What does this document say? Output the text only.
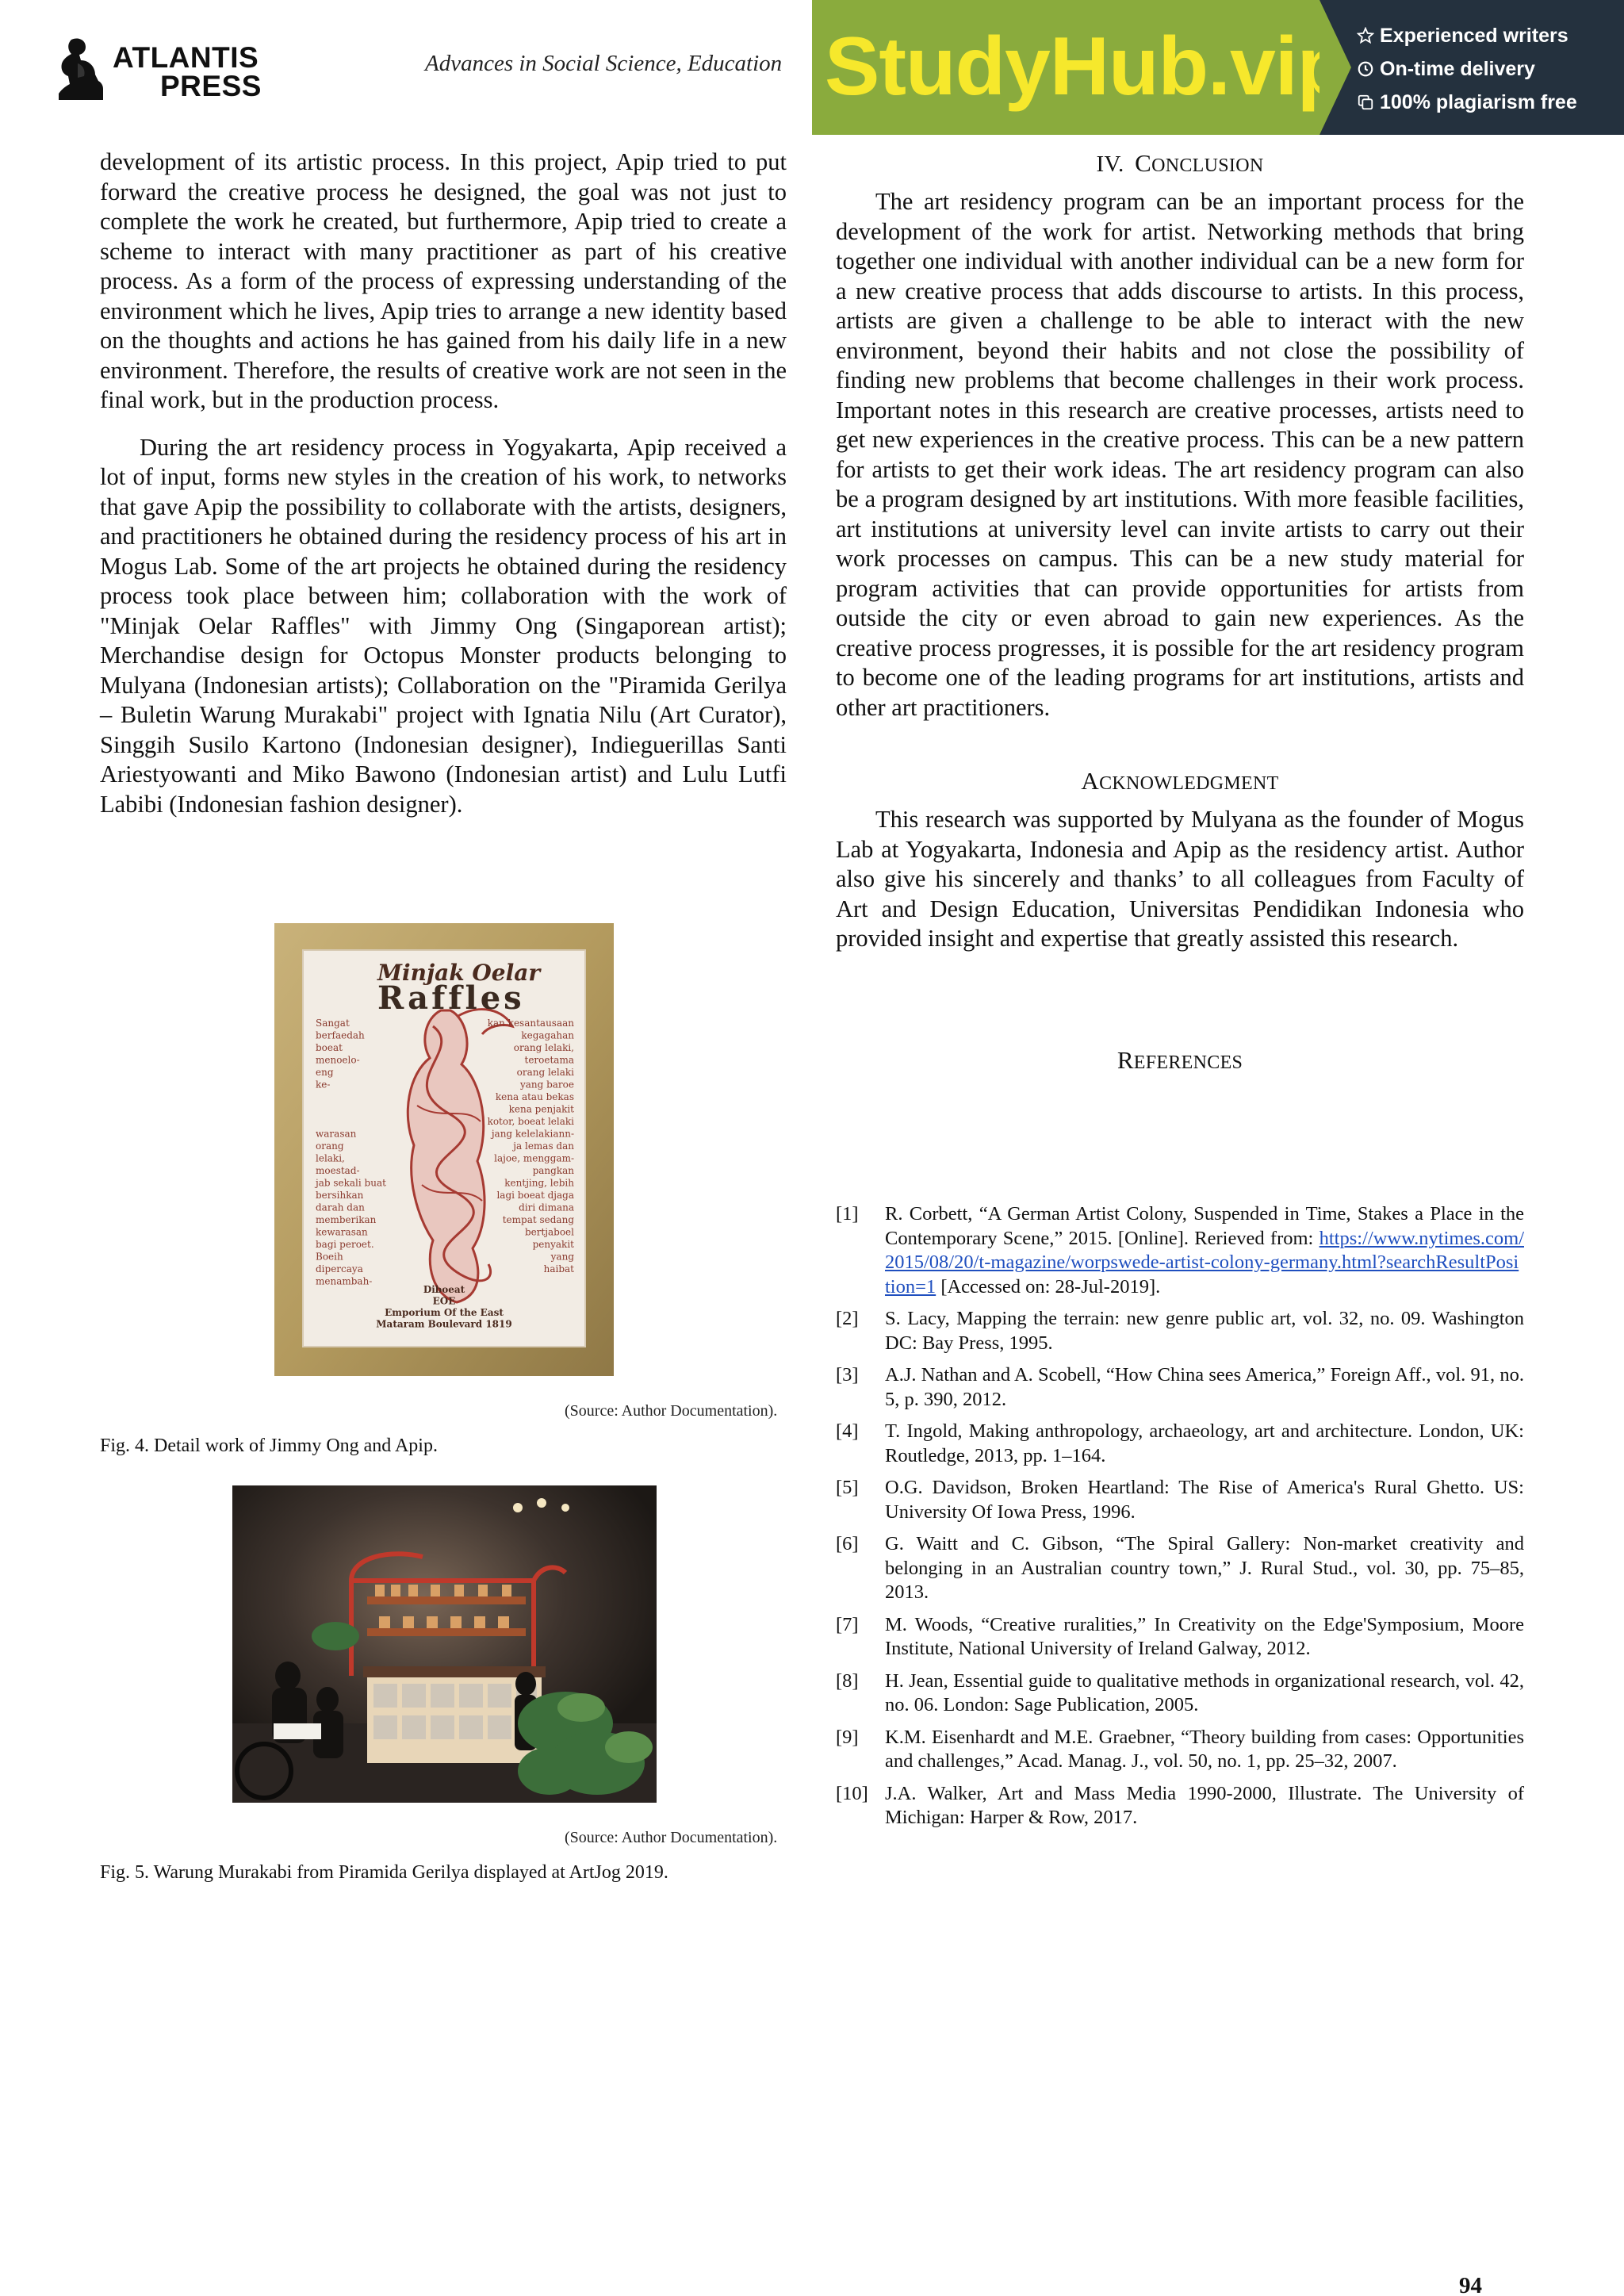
ATLANTIS
PRESS
Advances in Social Science, Education StudyHub.vip Experienced writers
On-time delivery
100% plagiarism free

development of its artistic process. In this project, Apip tried to put forward the creative process he designed, the goal was not just to complete the work he created, but furthermore, Apip tried to create a scheme to interact with many practitioner as part of his creative process. As a form of the process of expressing understanding of the environment which he lives, Apip tries to arrange a new identity based on the thoughts and actions he has gained from his daily life in a new environment. Therefore, the results of creative work are not seen in the final work, but in the production process.

During the art residency process in Yogyakarta, Apip received a lot of input, forms new styles in the creation of his work, to networks that gave Apip the possibility to collaborate with the artists, designers, and practitioners he obtained during the residency process of his art in Mogus Lab. Some of the art projects he obtained during the residency process took place between him; collaboration with the work of "Minjak Oelar Raffles" with Jimmy Ong (Singaporean artist); Merchandise design for Octopus Monster products belonging to Mulyana (Indonesian artists); Collaboration on the "Piramida Gerilya – Buletin Warung Murakabi" project with Ignatia Nilu (Art Curator), Singgih Susilo Kartono (Indonesian designer), Indieguerillas Santi Ariestyowanti and Miko Bawono (Indonesian artist) and Lulu Lutfi Labibi (Indonesian fashion designer).

Minjak Oelar
Raffles
Sangat
berfaedah
boeat
menoelo-
eng
ke-
warasan
orang
lelaki,
moestad-
jab sekali buat
bersihkan
darah dan
memberikan
kewarasan
bagi peroet.
Boeih
dipercaya
menambah-
kan kesantausaan
kegagahan
orang lelaki,
teroetama
orang lelaki
yang baroe
kena atau bekas
kena penjakit
kotor, boeat lelaki
jang kelelakiann-
ja lemas dan
lajoe, menggam-
pangkan
kentjing, lebih
lagi boeat djaga
diri dimana
tempat sedang
bertjaboel
penyakit
yang
haibat
Diboeat
EOE
Emporium Of the East
Mataram Boulevard 1819
(Source: Author Documentation).
Fig. 4. Detail work of Jimmy Ong and Apip.
(Source: Author Documentation).
Fig. 5. Warung Murakabi from Piramida Gerilya displayed at ArtJog 2019.
IV. CONCLUSION

The art residency program can be an important process for the development of the work for artist. Networking methods that bring together one individual with another individual can be a new form for a new creative process that adds discourse to artists. In this process, artists are given a challenge to be able to interact with the new environment, beyond their habits and not close the possibility of finding new problems that become challenges in their work process. Important notes in this research are creative processes, artists need to get new experiences in the creative process. This can be a new pattern for artists to get their work ideas. The art residency program can also be a program designed by art institutions. With more feasible facilities, art institutions at university level can invite artists to carry out their work processes on campus. This can be a new study material for program activities that can provide opportunities for artists from outside the city or even abroad to gain new experiences. As the creative process progresses, it is possible for the art residency program to become one of the leading programs for art institutions, artists and other art practitioners.

ACKNOWLEDGMENT

This research was supported by Mulyana as the founder of Mogus Lab at Yogyakarta, Indonesia and Apip as the residency artist. Author also give his sincerely and thanks’ to all colleagues from Faculty of Art and Design Education, Universitas Pendidikan Indonesia who provided insight and expertise that greatly assisted this research.

REFERENCES
[1]	R. Corbett, “A German Artist Colony, Suspended in Time, Stakes a Place in the Contemporary Scene,” 2015. [Online]. Rerieved from: https://www.nytimes.com/2015/08/20/t-magazine/worpswede-artist-colony-germany.html?searchResultPosition=1 [Accessed on: 28-Jul-2019].
[2]	S. Lacy, Mapping the terrain: new genre public art, vol. 32, no. 09. Washington DC: Bay Press, 1995.
[3]	A.J. Nathan and A. Scobell, “How China sees America,” Foreign Aff., vol. 91, no. 5, p. 390, 2012.
[4]	T. Ingold, Making anthropology, archaeology, art and architecture. London, UK: Routledge, 2013, pp. 1–164.
[5]	O.G. Davidson, Broken Heartland: The Rise of America's Rural Ghetto. US: University Of Iowa Press, 1996.
[6]	G. Waitt and C. Gibson, “The Spiral Gallery: Non-market creativity and belonging in an Australian country town,” J. Rural Stud., vol. 30, pp. 75–85, 2013.
[7]	M. Woods, “Creative ruralities,” In Creativity on the Edge'Symposium, Moore Institute, National University of Ireland Galway, 2012.
[8]	H. Jean, Essential guide to qualitative methods in organizational research, vol. 42, no. 06. London: Sage Publication, 2005.
[9]	K.M. Eisenhardt and M.E. Graebner, “Theory building from cases: Opportunities and challenges,” Acad. Manag. J., vol. 50, no. 1, pp. 25–32, 2007.
[10] J.A. Walker, Art and Mass Media 1990-2000, Illustrate. The University of Michigan: Harper & Row, 2017.
94
